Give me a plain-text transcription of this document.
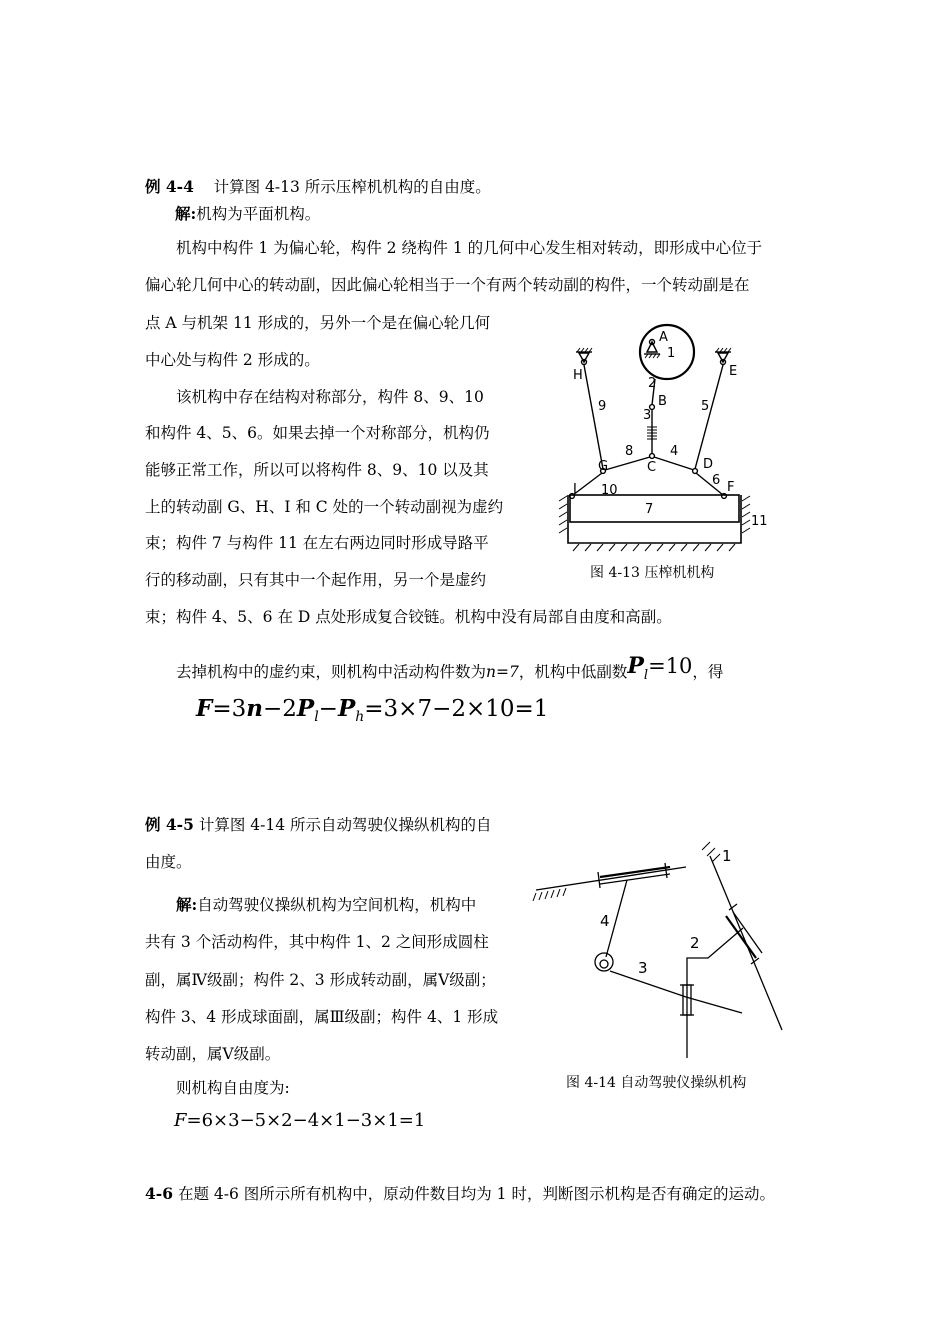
例 4-4 计算图 4-13 所示压榨机机构的自由度。
解:机构为平面机构。
机构中构件 1 为偏心轮，构件 2 绕构件 1 的几何中心发生相对转动，即形成中心位于
偏心轮几何中心的转动副，因此偏心轮相当于一个有两个转动副的构件，一个转动副是在
点 A 与机架 11 形成的，另外一个是在偏心轮几何
中心处与构件 2 形成的。
该机构中存在结构对称部分，构件 8、9、10
和构件 4、5、6。如果去掉一个对称部分，机构仍
能够正常工作，所以可以将构件 8、9、10 以及其
上的转动副 G、H、I 和 C 处的一个转动副视为虚约
束；构件 7 与构件 11 在左右两边同时形成导路平
行的移动副，只有其中一个起作用，另一个是虚约
束；构件 4、5、6 在 D 点处形成复合铰链。机构中没有局部自由度和高副。
去掉机构中的虚约束，则机构中活动构件数为n=7，机构中低副数Pl=10，得
$F=3n-2P_l-P_h=3\times 7-2\times 10=1$
A
1
H	E
2
B
9	5
3
8	4
G	C	D
6
I 10	F
7
11
图 4-13 压榨机机构
例 4-5 计算图 4-14 所示自动驾驶仪操纵机构的自
由度。
解:自动驾驶仪操纵机构为空间机构，机构中
共有 3 个活动构件，其中构件 1、2 之间形成圆柱
副，属Ⅳ级副；构件 2、3 形成转动副，属Ⅴ级副；
构件 3、4 形成球面副，属Ⅲ级副；构件 4、1 形成
转动副，属Ⅴ级副。
则机构自由度为:
F=6×3−5×2−4×1−3×1=1
1
4
2
3
图 4-14 自动驾驶仪操纵机构
4-6 在题 4-6 图所示所有机构中，原动件数目均为 1 时，判断图示机构是否有确定的运动。
